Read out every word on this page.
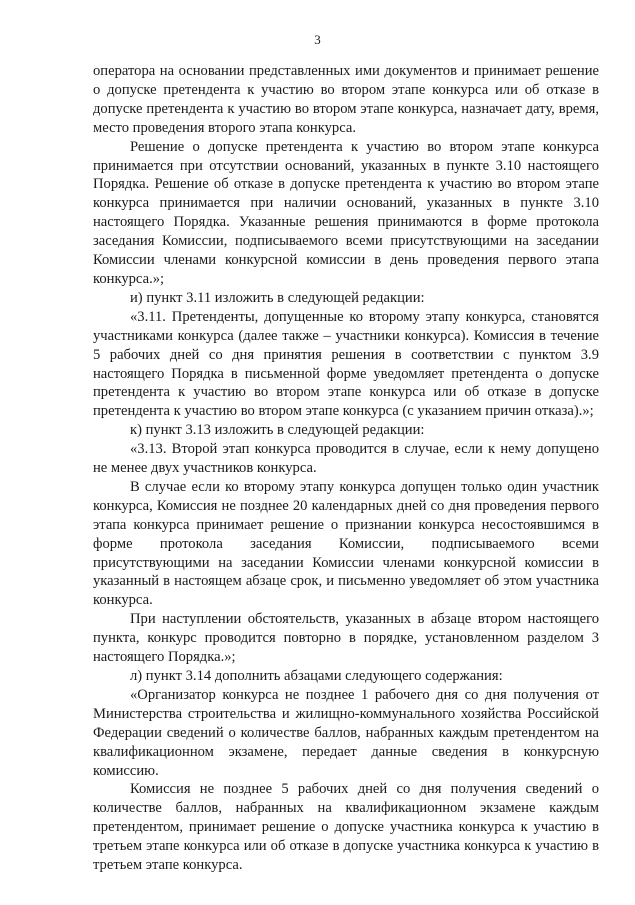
3

оператора на основании представленных ими документов и принимает решение о допуске претендента к участию во втором этапе конкурса или об отказе в допуске претендента к участию во втором этапе конкурса, назначает дату, время, место проведения второго этапа конкурса.

Решение о допуске претендента к участию во втором этапе конкурса принимается при отсутствии оснований, указанных в пункте 3.10 настоящего Порядка. Решение об отказе в допуске претендента к участию во втором этапе конкурса принимается при наличии оснований, указанных в пункте 3.10 настоящего Порядка. Указанные решения принимаются в форме протокола заседания Комиссии, подписываемого всеми присутствующими на заседании Комиссии членами конкурсной комиссии в день проведения первого этапа конкурса.»;

и) пункт 3.11 изложить в следующей редакции:

«3.11. Претенденты, допущенные ко второму этапу конкурса, становятся участниками конкурса (далее также – участники конкурса). Комиссия в течение 5 рабочих дней со дня принятия решения в соответствии с пунктом 3.9 настоящего Порядка в письменной форме уведомляет претендента о допуске претендента к участию во втором этапе конкурса или об отказе в допуске претендента к участию во втором этапе конкурса (с указанием причин отказа).»;

к) пункт 3.13 изложить в следующей редакции:

«3.13. Второй этап конкурса проводится в случае, если к нему допущено не менее двух участников конкурса.

В случае если ко второму этапу конкурса допущен только один участник конкурса, Комиссия не позднее 20 календарных дней со дня проведения первого этапа конкурса принимает решение о признании конкурса несостоявшимся в форме протокола заседания Комиссии, подписываемого всеми присутствующими на заседании Комиссии членами конкурсной комиссии в указанный в настоящем абзаце срок, и письменно уведомляет об этом участника конкурса.

При наступлении обстоятельств, указанных в абзаце втором настоящего пункта, конкурс проводится повторно в порядке, установленном разделом 3 настоящего Порядка.»;

л) пункт 3.14 дополнить абзацами следующего содержания:

«Организатор конкурса не позднее 1 рабочего дня со дня получения от Министерства строительства и жилищно-коммунального хозяйства Российской Федерации сведений о количестве баллов, набранных каждым претендентом на квалификационном экзамене, передает данные сведения в конкурсную комиссию.

Комиссия не позднее 5 рабочих дней со дня получения сведений о количестве баллов, набранных на квалификационном экзамене каждым претендентом, принимает решение о допуске участника конкурса к участию в третьем этапе конкурса или об отказе в допуске участника конкурса к участию в третьем этапе конкурса.
